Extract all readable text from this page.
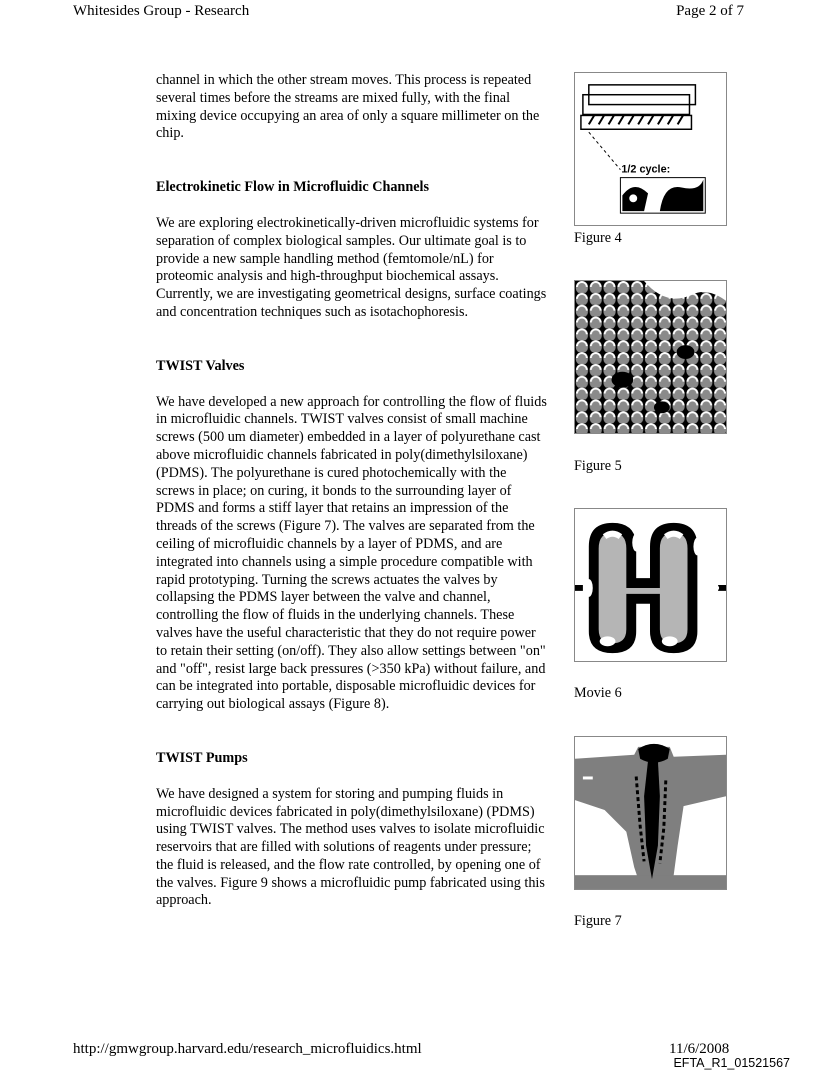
Whitesides Group - Research	Page 2 of 7

channel in which the other stream moves. This process is repeated several times before the streams are mixed fully, with the final mixing device occupying an area of only a square millimeter on the chip.

Electrokinetic Flow in Microfluidic Channels

We are exploring electrokinetically-driven microfluidic systems for separation of complex biological samples. Our ultimate goal is to provide a new sample handling method (femtomole/nL) for proteomic analysis and high-throughput biochemical assays. Currently, we are investigating geometrical designs, surface coatings and concentration techniques such as isotachophoresis.

TWIST Valves

We have developed a new approach for controlling the flow of fluids in microfluidic channels. TWIST valves consist of small machine screws (500 um diameter) embedded in a layer of polyurethane cast above microfluidic channels fabricated in poly(dimethylsiloxane) (PDMS). The polyurethane is cured photochemically with the screws in place; on curing, it bonds to the surrounding layer of PDMS and forms a stiff layer that retains an impression of the threads of the screws (Figure 7). The valves are separated from the ceiling of microfluidic channels by a layer of PDMS, and are integrated into channels using a simple procedure compatible with rapid prototyping. Turning the screws actuates the valves by collapsing the PDMS layer between the valve and channel, controlling the flow of fluids in the underlying channels. These valves have the useful characteristic that they do not require power to retain their setting (on/off). They also allow settings between "on" and "off", resist large back pressures (>350 kPa) without failure, and can be integrated into portable, disposable microfluidic devices for carrying out biological assays (Figure 8).

TWIST Pumps

We have designed a system for storing and pumping fluids in microfluidic devices fabricated in poly(dimethylsiloxane) (PDMS) using TWIST valves. The method uses valves to isolate microfluidic reservoirs that are filled with solutions of reagents under pressure; the fluid is released, and the flow rate controlled, by opening one of the valves. Figure 9 shows a microfluidic pump fabricated using this approach.

1/2 cycle:
Figure 4
Figure 5
Movie 6
Figure 7
http://gmwgroup.harvard.edu/research_microfluidics.html	11/6/2008
EFTA_R1_01521567
